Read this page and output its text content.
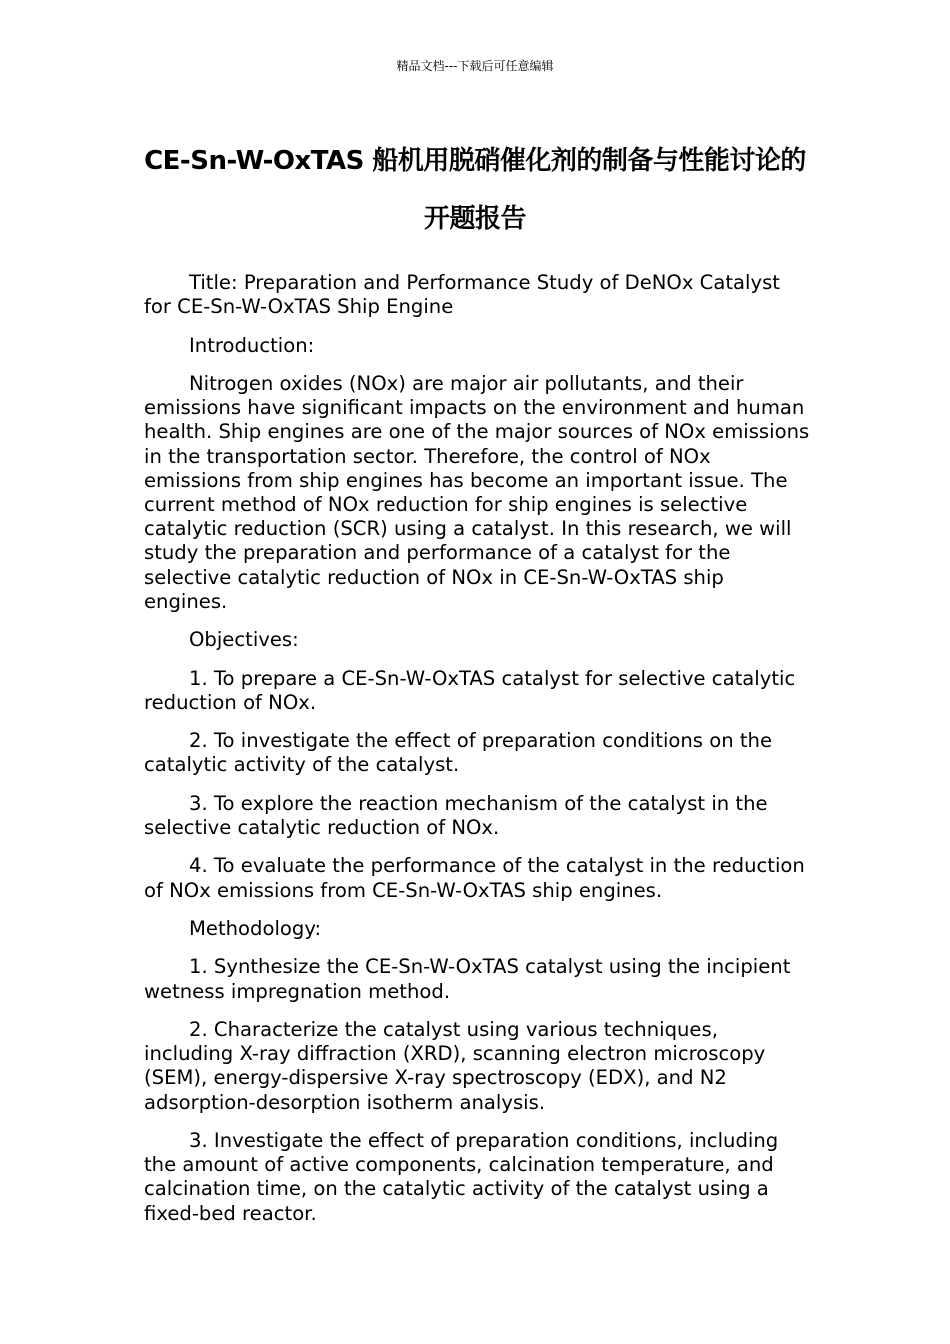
精品文档---下载后可任意编辑
CE-Sn-W-OxTAS 船机用脱硝催化剂的制备与性能讨论的开题报告

Title: Preparation and Performance Study of DeNOx Catalyst for CE-Sn-W-OxTAS Ship Engine

Introduction:

Nitrogen oxides (NOx) are major air pollutants, and their emissions have significant impacts on the environment and human health. Ship engines are one of the major sources of NOx emissions in the transportation sector. Therefore, the control of NOx emissions from ship engines has become an important issue. The current method of NOx reduction for ship engines is selective catalytic reduction (SCR) using a catalyst. In this research, we will study the preparation and performance of a catalyst for the selective catalytic reduction of NOx in CE-Sn-W-OxTAS ship engines.

Objectives:

1. To prepare a CE-Sn-W-OxTAS catalyst for selective catalytic reduction of NOx.

2. To investigate the effect of preparation conditions on the catalytic activity of the catalyst.

3. To explore the reaction mechanism of the catalyst in the selective catalytic reduction of NOx.

4. To evaluate the performance of the catalyst in the reduction of NOx emissions from CE-Sn-W-OxTAS ship engines.

Methodology:

1. Synthesize the CE-Sn-W-OxTAS catalyst using the incipient wetness impregnation method.

2. Characterize the catalyst using various techniques, including X-ray diffraction (XRD), scanning electron microscopy (SEM), energy-dispersive X-ray spectroscopy (EDX), and N2 adsorption-desorption isotherm analysis.

3. Investigate the effect of preparation conditions, including the amount of active components, calcination temperature, and calcination time, on the catalytic activity of the catalyst using a fixed-bed reactor.
